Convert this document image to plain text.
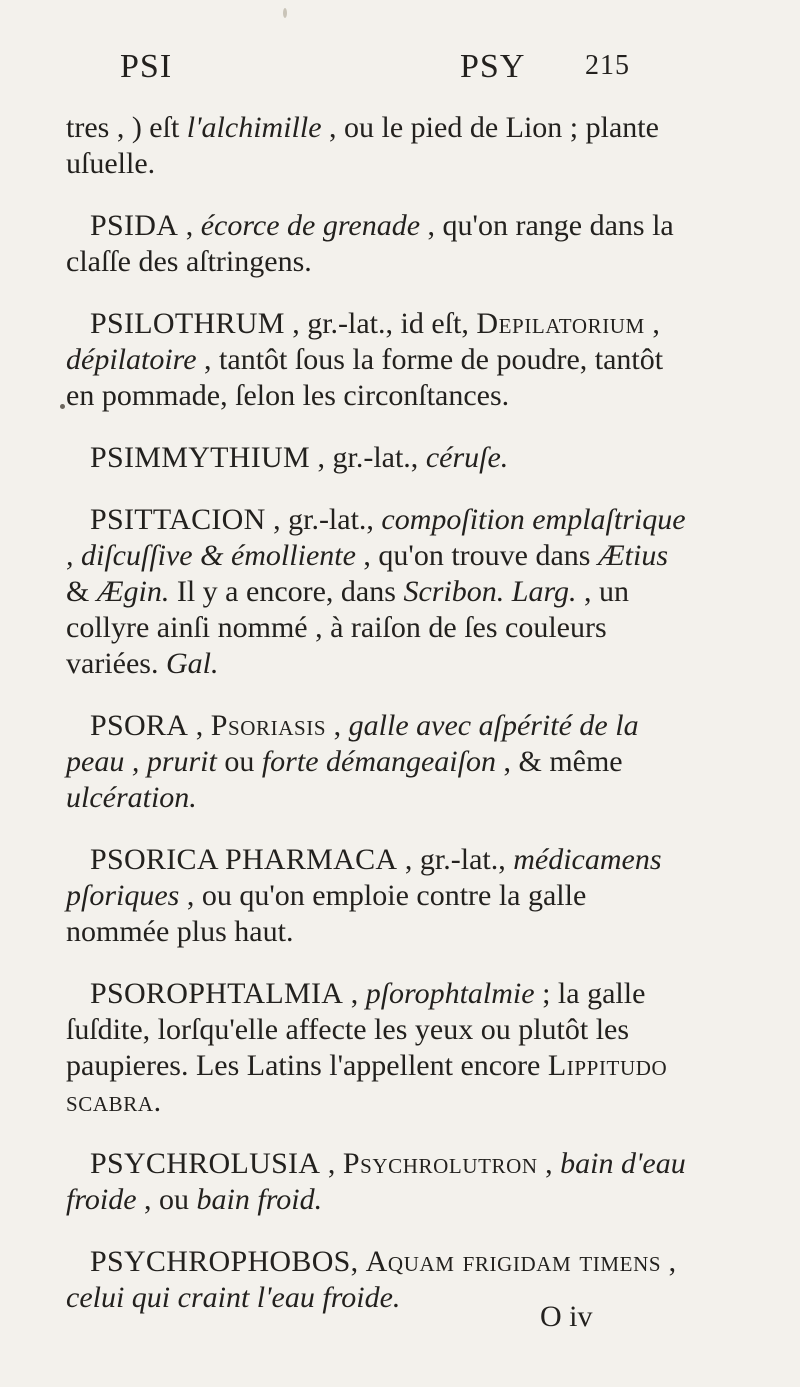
PSI	PSY 215

tres , ) eſt l'alchimille , ou le pied de Lion ; plante uſuelle.

PSIDA , écorce de grenade , qu'on range dans la claſſe des aſtringens.

PSILOTHRUM , gr.-lat., id eſt, Depilatorium , dépilatoire , tantôt ſous la forme de poudre, tantôt en pommade, ſelon les circonſtances.

PSIMMYTHIUM , gr.-lat., céruſe.

PSITTACION , gr.-lat., compoſition emplaſtrique , diſcuſſive & émolliente , qu'on trouve dans Ætius & Ægin. Il y a encore, dans Scribon. Larg. , un collyre ainſi nommé , à raiſon de ſes couleurs variées. Gal.

PSORA , Psoriasis , galle avec aſpérité de la peau , prurit ou forte démangeaiſon , & même ulcération.

PSORICA PHARMACA , gr.-lat., médicamens pſoriques , ou qu'on emploie contre la galle nommée plus haut.

PSOROPHTALMIA , pſorophtalmie ; la galle ſuſdite, lorſqu'elle affecte les yeux ou plutôt les paupieres. Les Latins l'appellent encore Lippitudo scabra.

PSYCHROLUSIA , Psychrolutron , bain d'eau froide , ou bain froid.

PSYCHROPHOBOS, Aquam frigidam timens , celui qui craint l'eau froide.

O iv
